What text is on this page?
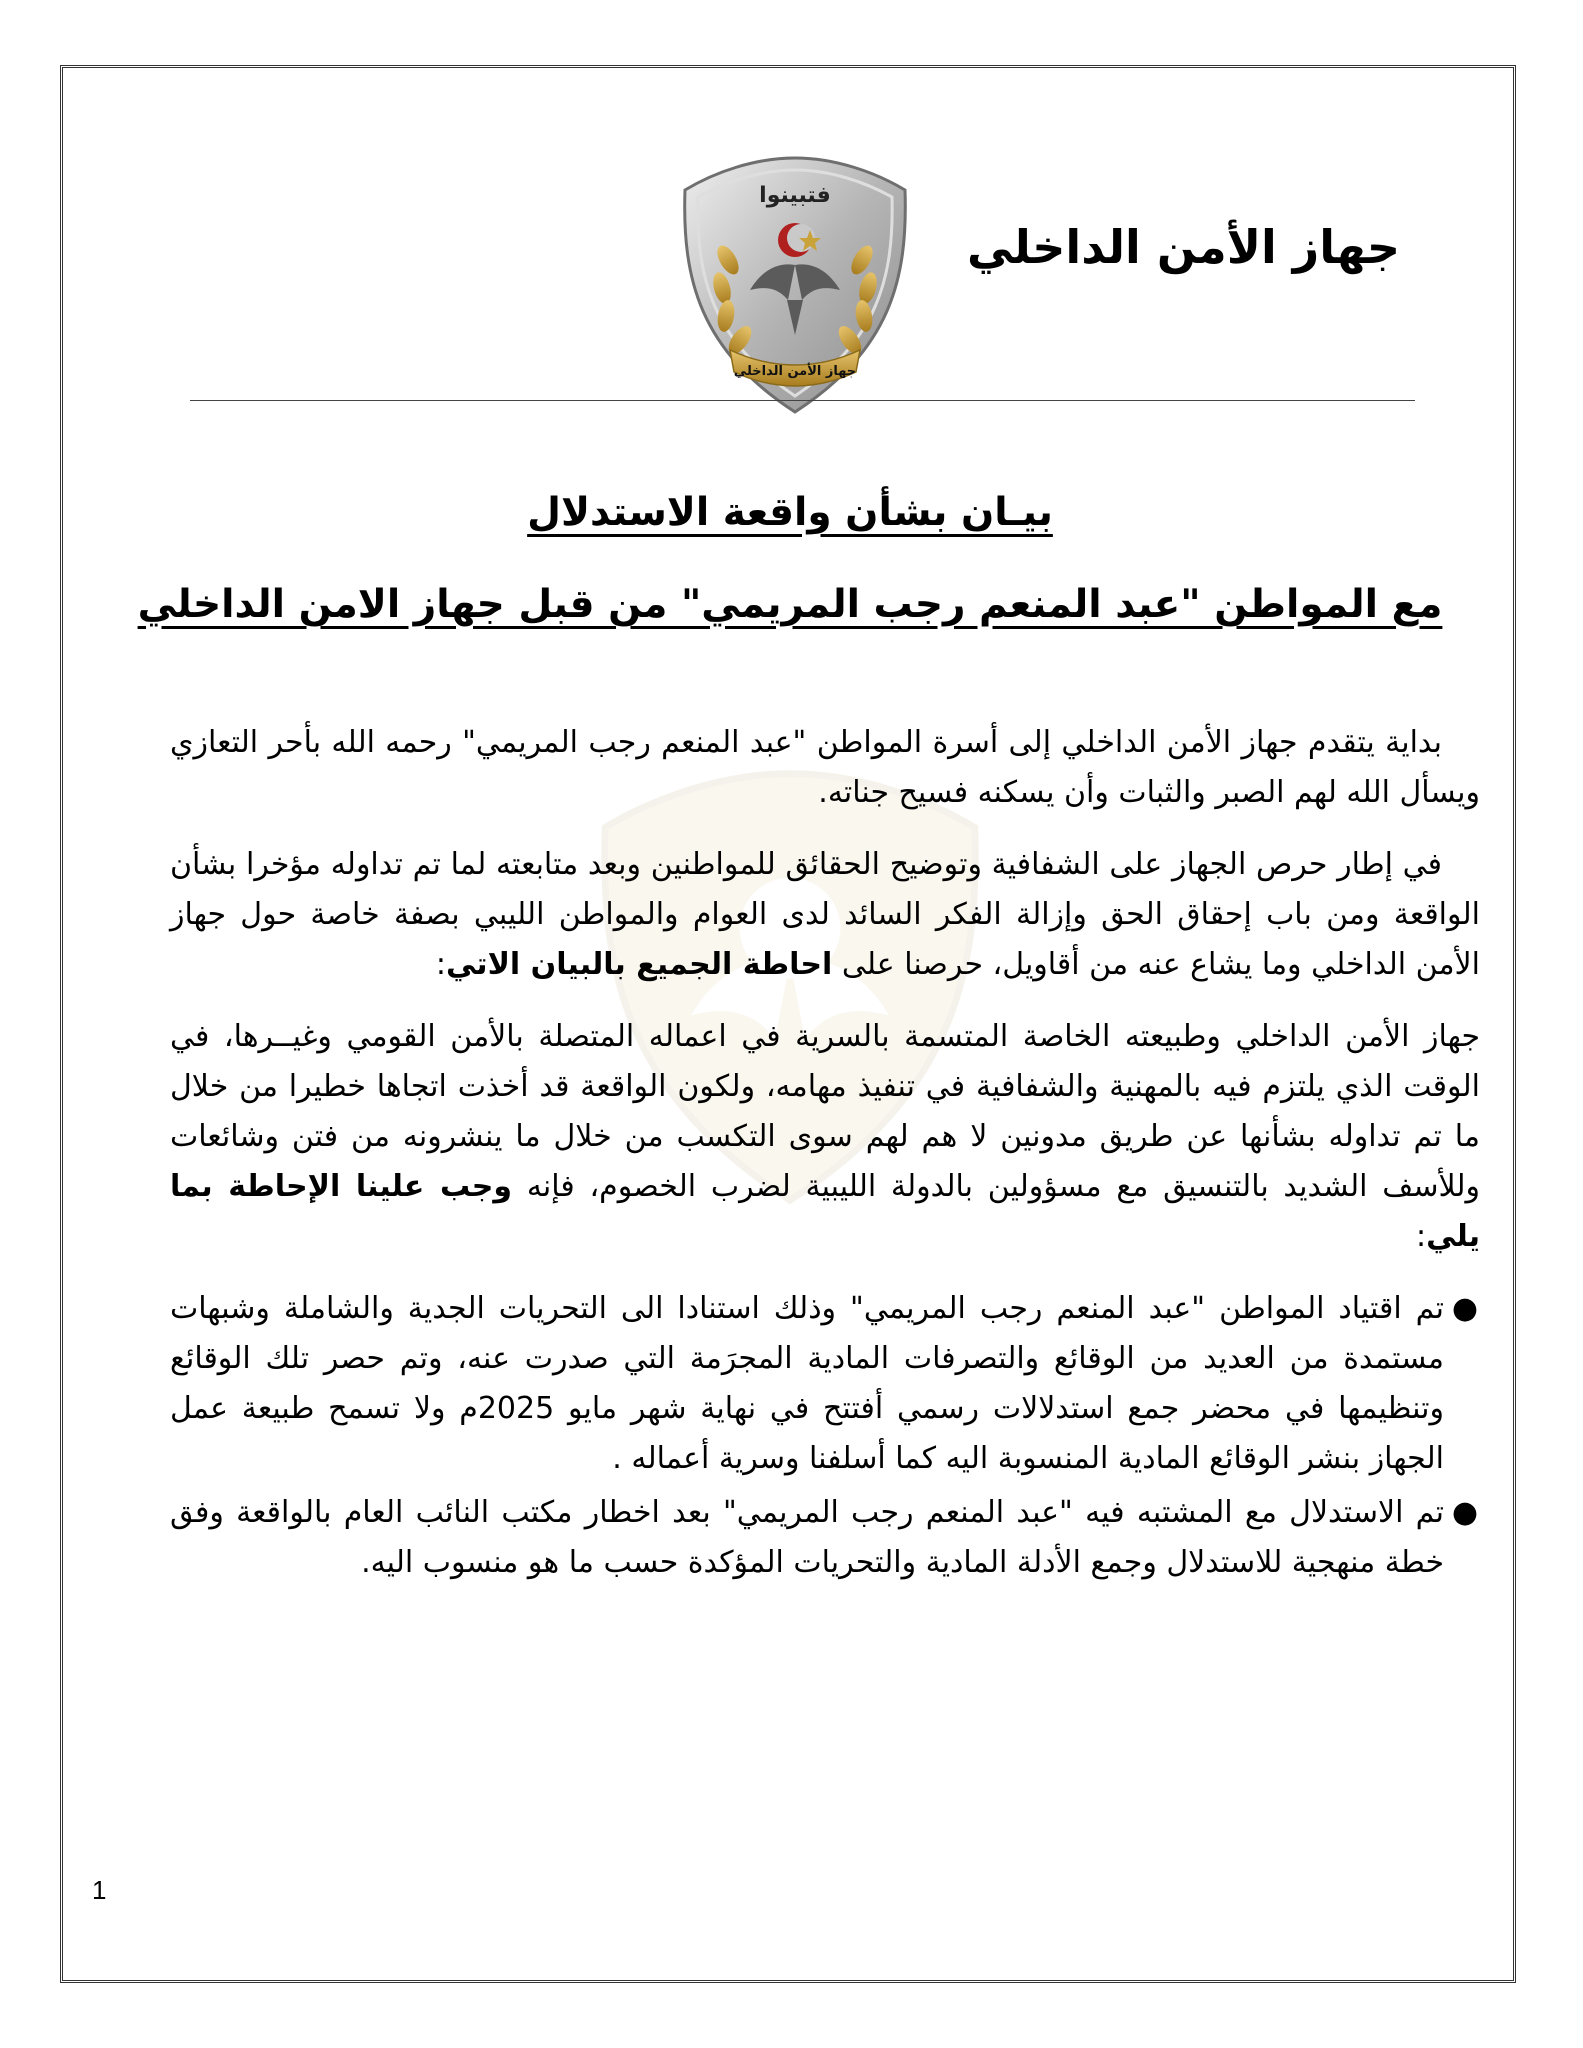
جهاز الأمن الداخلي
فتبينوا
جهاز الأمن الداخلي
بيـان بشأن واقعة الاستدلال
مع المواطن "عبد المنعم رجب المريمي" من قبل جهاز الامن الداخلي

بداية يتقدم جهاز الأمن الداخلي إلى أسرة المواطن "عبد المنعم رجب المريمي" رحمه الله بأحر التعازي ويسأل الله لهم الصبر والثبات وأن يسكنه فسيح جناته.

في إطار حرص الجهاز على الشفافية وتوضيح الحقائق للمواطنين وبعد متابعته لما تم تداوله مؤخرا بشأن الواقعة ومن باب إحقاق الحق وإزالة الفكر السائد لدى العوام والمواطن الليبي بصفة خاصة حول جهاز الأمن الداخلي وما يشاع عنه من أقاويل، حرصنا على احاطة الجميع بالبيان الاتي:

جهاز الأمن الداخلي وطبيعته الخاصة المتسمة بالسرية في اعماله المتصلة بالأمن القومي وغيــرها، في الوقت الذي يلتزم فيه بالمهنية والشفافية في تنفيذ مهامه، ولكون الواقعة قد أخذت اتجاها خطيرا من خلال ما تم تداوله بشأنها عن طريق مدونين لا هم لهم سوى التكسب من خلال ما ينشرونه من فتن وشائعات وللأسف الشديد بالتنسيق مع مسؤولين بالدولة الليبية لضرب الخصوم، فإنه وجب علينا الإحاطة بما يلي:

●
تم اقتياد المواطن "عبد المنعم رجب المريمي" وذلك استنادا الى التحريات الجدية والشاملة وشبهات مستمدة من العديد من الوقائع والتصرفات المادية المجرَمة التي صدرت عنه، وتم حصر تلك الوقائع وتنظيمها في محضر جمع استدلالات رسمي أفتتح في نهاية شهر مايو 2025م ولا تسمح طبيعة عمل الجهاز بنشر الوقائع المادية المنسوبة اليه كما أسلفنا وسرية أعماله .
●
تم الاستدلال مع المشتبه فيه "عبد المنعم رجب المريمي" بعد اخطار مكتب النائب العام بالواقعة وفق خطة منهجية للاستدلال وجمع الأدلة المادية والتحريات المؤكدة حسب ما هو منسوب اليه.
1
